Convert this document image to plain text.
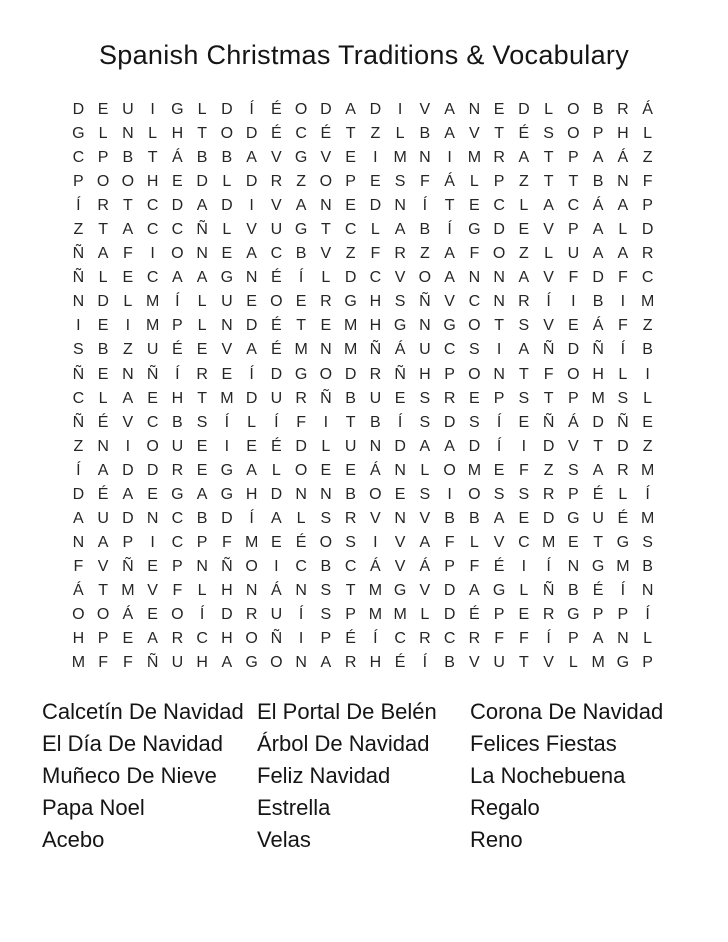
Spanish Christmas Traditions & Vocabulary
D E U	I	G L D	Í	É O D A D	I	V A N E D L O B R Á
G L N L H T O D É C É T Z L B A V T É S O P H L
C P B T Á B B A V G V E	I M N	I M R A T P A Á Z
P O O H E D L D R Z O P E S F Á L P Z T T B N F
Í	R T C D A D	I	V A N E D N	Í	T E C L A C Á A P
Z T A C C Ñ L V U G T C L A B	Í	G D E V P A L D
Ñ A F	I	O N E A C B V Z F R Z A F O Z L U A A R
Ñ L E C A A G N É	Í	L D C V O A N N A V F D F C
N D L M Í	L U E O E R G H S Ñ V C N R	Í	I	B	I M
I	E	I M P L N D É T E M H G N G O T S V E Á F Z
S B Z U É E V A É M N M Ñ Á U C S	I	A Ñ D Ñ	Í	B
Ñ E N Ñ	Í	R E	Í	D G O D R Ñ H P O N T F O H L	I
C L A E H T M D U R Ñ B U E S R E P S T P M S L
Ñ É V C B S	Í	L	Í	F	I	T B	Í	S D S	Í	E Ñ Á D Ñ E
Z N	I	O U E	I	E É D L U N D A A D	Í	I	D V T D Z
Í	A D D R E G A L O E E Á N L O M E F Z S A R M
D É A E G A G H D N N B O E S	I	O S S R P É L	Í
A U D N C B D	Í	A L S R V N V B B A E D G U É M
N A P	I	C P F M E É O S	I	V A F L V C M E T G S
F V Ñ E P N Ñ O	I	C B C Á V Á P F É	I	Í	N G M B
Á T M V F L H N Á N S T M G V D A G L Ñ B É	Í	N
O O Á E O	Í	D R U	Í	S P M M L D É P E R G P P	Í
H P E A R C H O Ñ	I	P É	Í	C R C R F F	Í	P A N L
M F F Ñ U H A G O N A R H É	Í	B V U T V L M G P
Calcetín De Navidad
El Día De Navidad
Muñeco De Nieve
Papa Noel
Acebo
El Portal De Belén
Árbol De Navidad
Feliz Navidad
Estrella
Velas
Corona De Navidad
Felices Fiestas
La Nochebuena
Regalo
Reno
